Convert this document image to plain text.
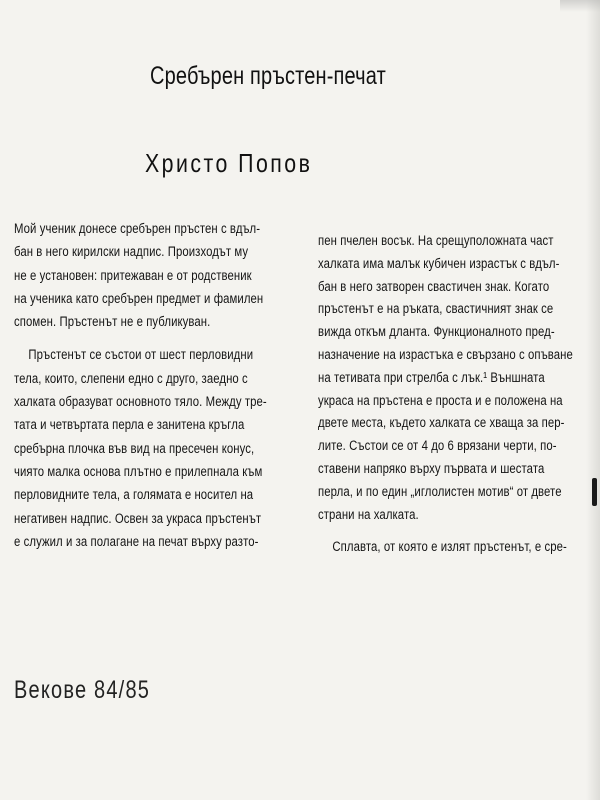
Сребърен пръстен-печат
Христо Попов
Мой ученик донесе сребърен пръстен с вдъл-
бан в него кирилски надпис. Произходът му
не е установен: притежаван е от родственик
на ученика като сребърен предмет и фамилен
спомен. Пръстенът не е публикуван.
Пръстенът се състои от шест перловидни
тела, които, слепени едно с друго, заедно с
халката образуват основното тяло. Между тре-
тата и четвъртата перла е занитена кръгла
сребърна плочка във вид на пресечен конус,
чиято малка основа плътно е прилепнала към
перловидните тела, а голямата е носител на
негативен надпис. Освен за украса пръстенът
е служил и за полагане на печат върху разто-
пен пчелен восък. На срещуположната част
халката има малък кубичен израстък с вдъл-
бан в него затворен свастичен знак. Когато
пръстенът е на ръката, свастичният знак се
вижда откъм дланта. Функционалното пред-
назначение на израстъка е свързано с опъване
на тетивата при стрелба с лък.¹ Външната
украса на пръстена е проста и е положена на
двете места, където халката се хваща за пер-
лите. Състои се от 4 до 6 врязани черти, по-
ставени напряко върху първата и шестата
перла, и по един „иглолистен мотив“ от двете
страни на халката.
Сплавта, от която е излят пръстенът, е сре-
Векове 84/85
